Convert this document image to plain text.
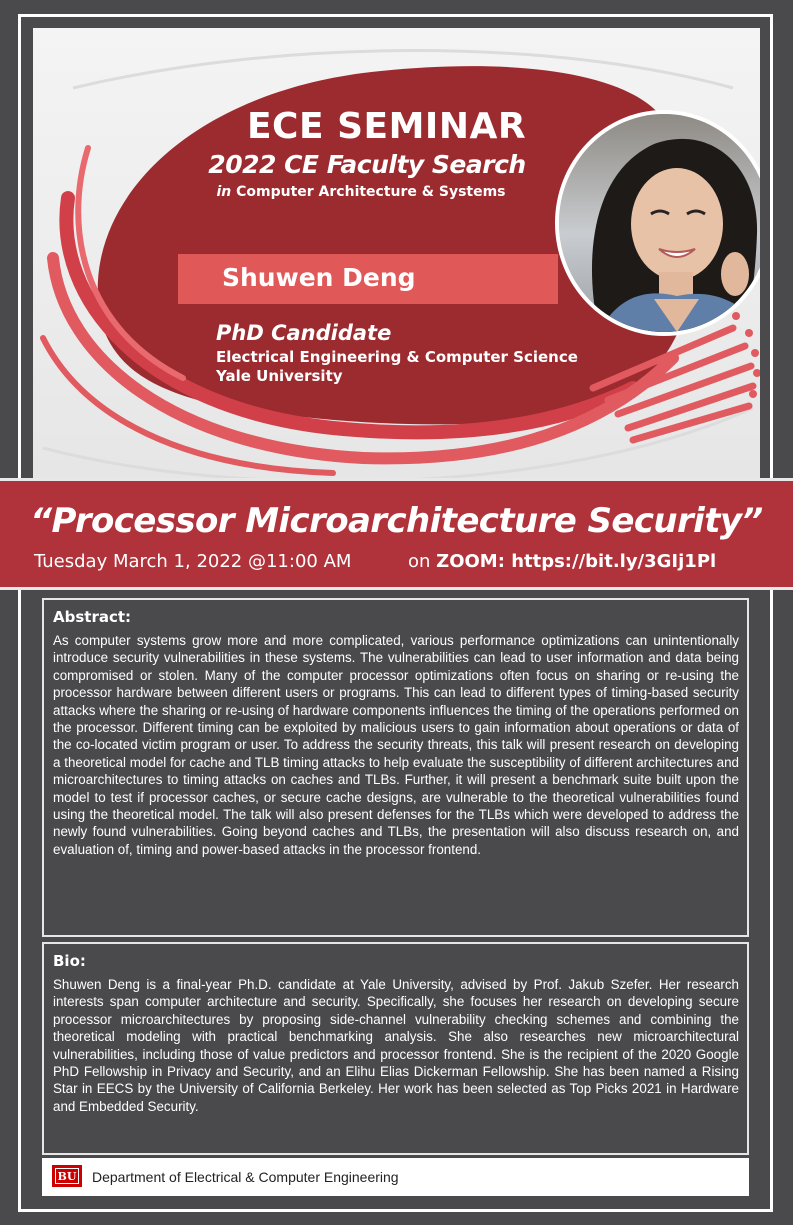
ECE SEMINAR
2022 CE Faculty Search
in Computer Architecture & Systems
Shuwen Deng
PhD Candidate
Electrical Engineering & Computer Science
Yale University
“Processor Microarchitecture Security”
Tuesday March 1, 2022 @11:00 AM	on ZOOM: https://bit.ly/3GIj1Pl
Abstract:

As computer systems grow more and more complicated, various performance optimizations can unintentionally introduce security vulnerabilities in these systems. The vulnerabilities can lead to user information and data being compromised or stolen. Many of the computer processor optimizations often focus on sharing or re-using the processor hardware between different users or programs. This can lead to different types of timing-based security attacks where the sharing or re-using of hardware components influences the timing of the operations performed on the processor. Different timing can be exploited by malicious users to gain information about operations or data of the co-located victim program or user. To address the security threats, this talk will present research on developing a theoretical model for cache and TLB timing attacks to help evaluate the susceptibility of different architectures and microarchitectures to timing attacks on caches and TLBs. Further, it will present a benchmark suite built upon the model to test if processor caches, or secure cache designs, are vulnerable to the theoretical vulnerabilities found using the theoretical model. The talk will also present defenses for the TLBs which were developed to address the newly found vulnerabilities. Going beyond caches and TLBs, the presentation will also discuss research on, and evaluation of, timing and power-based attacks in the processor frontend.

Bio:

Shuwen Deng is a final-year Ph.D. candidate at Yale University, advised by Prof. Jakub Szefer. Her research interests span computer architecture and security. Specifically, she focuses her research on developing secure processor microarchitectures by proposing side-channel vulnerability checking schemes and combining the theoretical modeling with practical benchmarking analysis. She also researches new microarchitectural vulnerabilities, including those of value predictors and processor frontend. She is the recipient of the 2020 Google PhD Fellowship in Privacy and Security, and an Elihu Elias Dickerman Fellowship. She has been named a Rising Star in EECS by the University of California Berkeley. Her work has been selected as Top Picks 2021 in Hardware and Embedded Security.

BU Department of Electrical & Computer Engineering
